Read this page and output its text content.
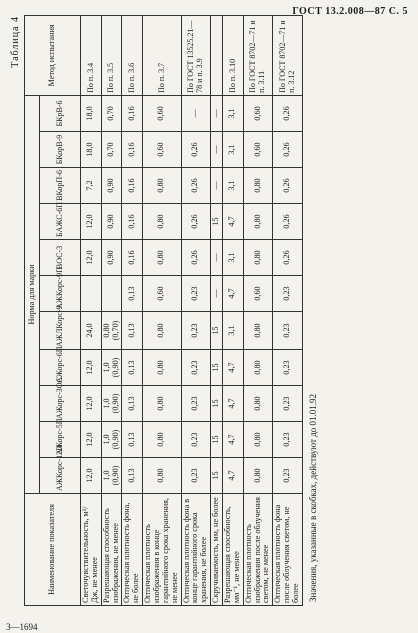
ГОСТ 13.2.008—87 С. 5
Таблица 4
Наименование показателя	Норма для марки											Метод испытания
	АЖКорс-12П	АЖорс-5П	АЖорс-ЗОС	АЖорс-6П	АЖЛКорс-9	АЖКорс-9П	ВОС-3	БАЖС-6П	ВКорП-6	БКорВ-9	БКрВ-6	
Светочувствительность, м²/Дж, не менее	12,0	12,0	12,0	12,0	24,0		12,0	12,0	7,2	18,0	18,0	По п. 3.4
Разрешающая способность изображения, не менее	1,0 (0,90)	1,0 (0,90)	1,0 (0,90)	1,0 (0,90)	0,80 (0,70)		0,90	0,90	0,90	0,70	0,70	По п. 3.5
Оптическая плотность фона, не более	0,13	0,13	0,13	0,13	0,13	0,13	0,16	0,16	0,16	0,16	0,16	По п. 3.6
Оптическая плотность изображения в конце гарантийного срока хранения, не менее	0,80	0,80	0,80	0,80	0,80	0,60	0,80	0,80	0,80	0,60	0,60	По п. 3.7
Оптическая плотность фона в конце гарантийного срока хранения, не более	0,23	0,23	0,23	0,23	0,23	0,23	0,26	0,26	0,26	0,26	—	По ГОСТ 13525.21—78 и п. 3.9
Скручиваемость, мм, не более	15	15	15	15	15	—	—	15	—	—	—	
Разрешающая способность, мм⁻¹, не менее	4,7	4,7	4,7	4,7	3,1	4,7	3,1	4,7	3,1	3,1	3,1	По п. 3.10
Оптическая плотность изображения после облучения светом, не менее	0,80	0,80	0,80	0,80	0,80	0,60	0,80	0,80	0,80	0,60	0,60	По ГОСТ 8702—71 и п. 3.11
Оптическая плотность фона после облучения светом, не более	0,23	0,23	0,23	0,23	0,23	0,23	0,26	0,26	0,26	0,26	0,26	По ГОСТ 8702—71 и п. 3.12
Значения, указанные в скобках, действуют до 01.01.92
3—1694
